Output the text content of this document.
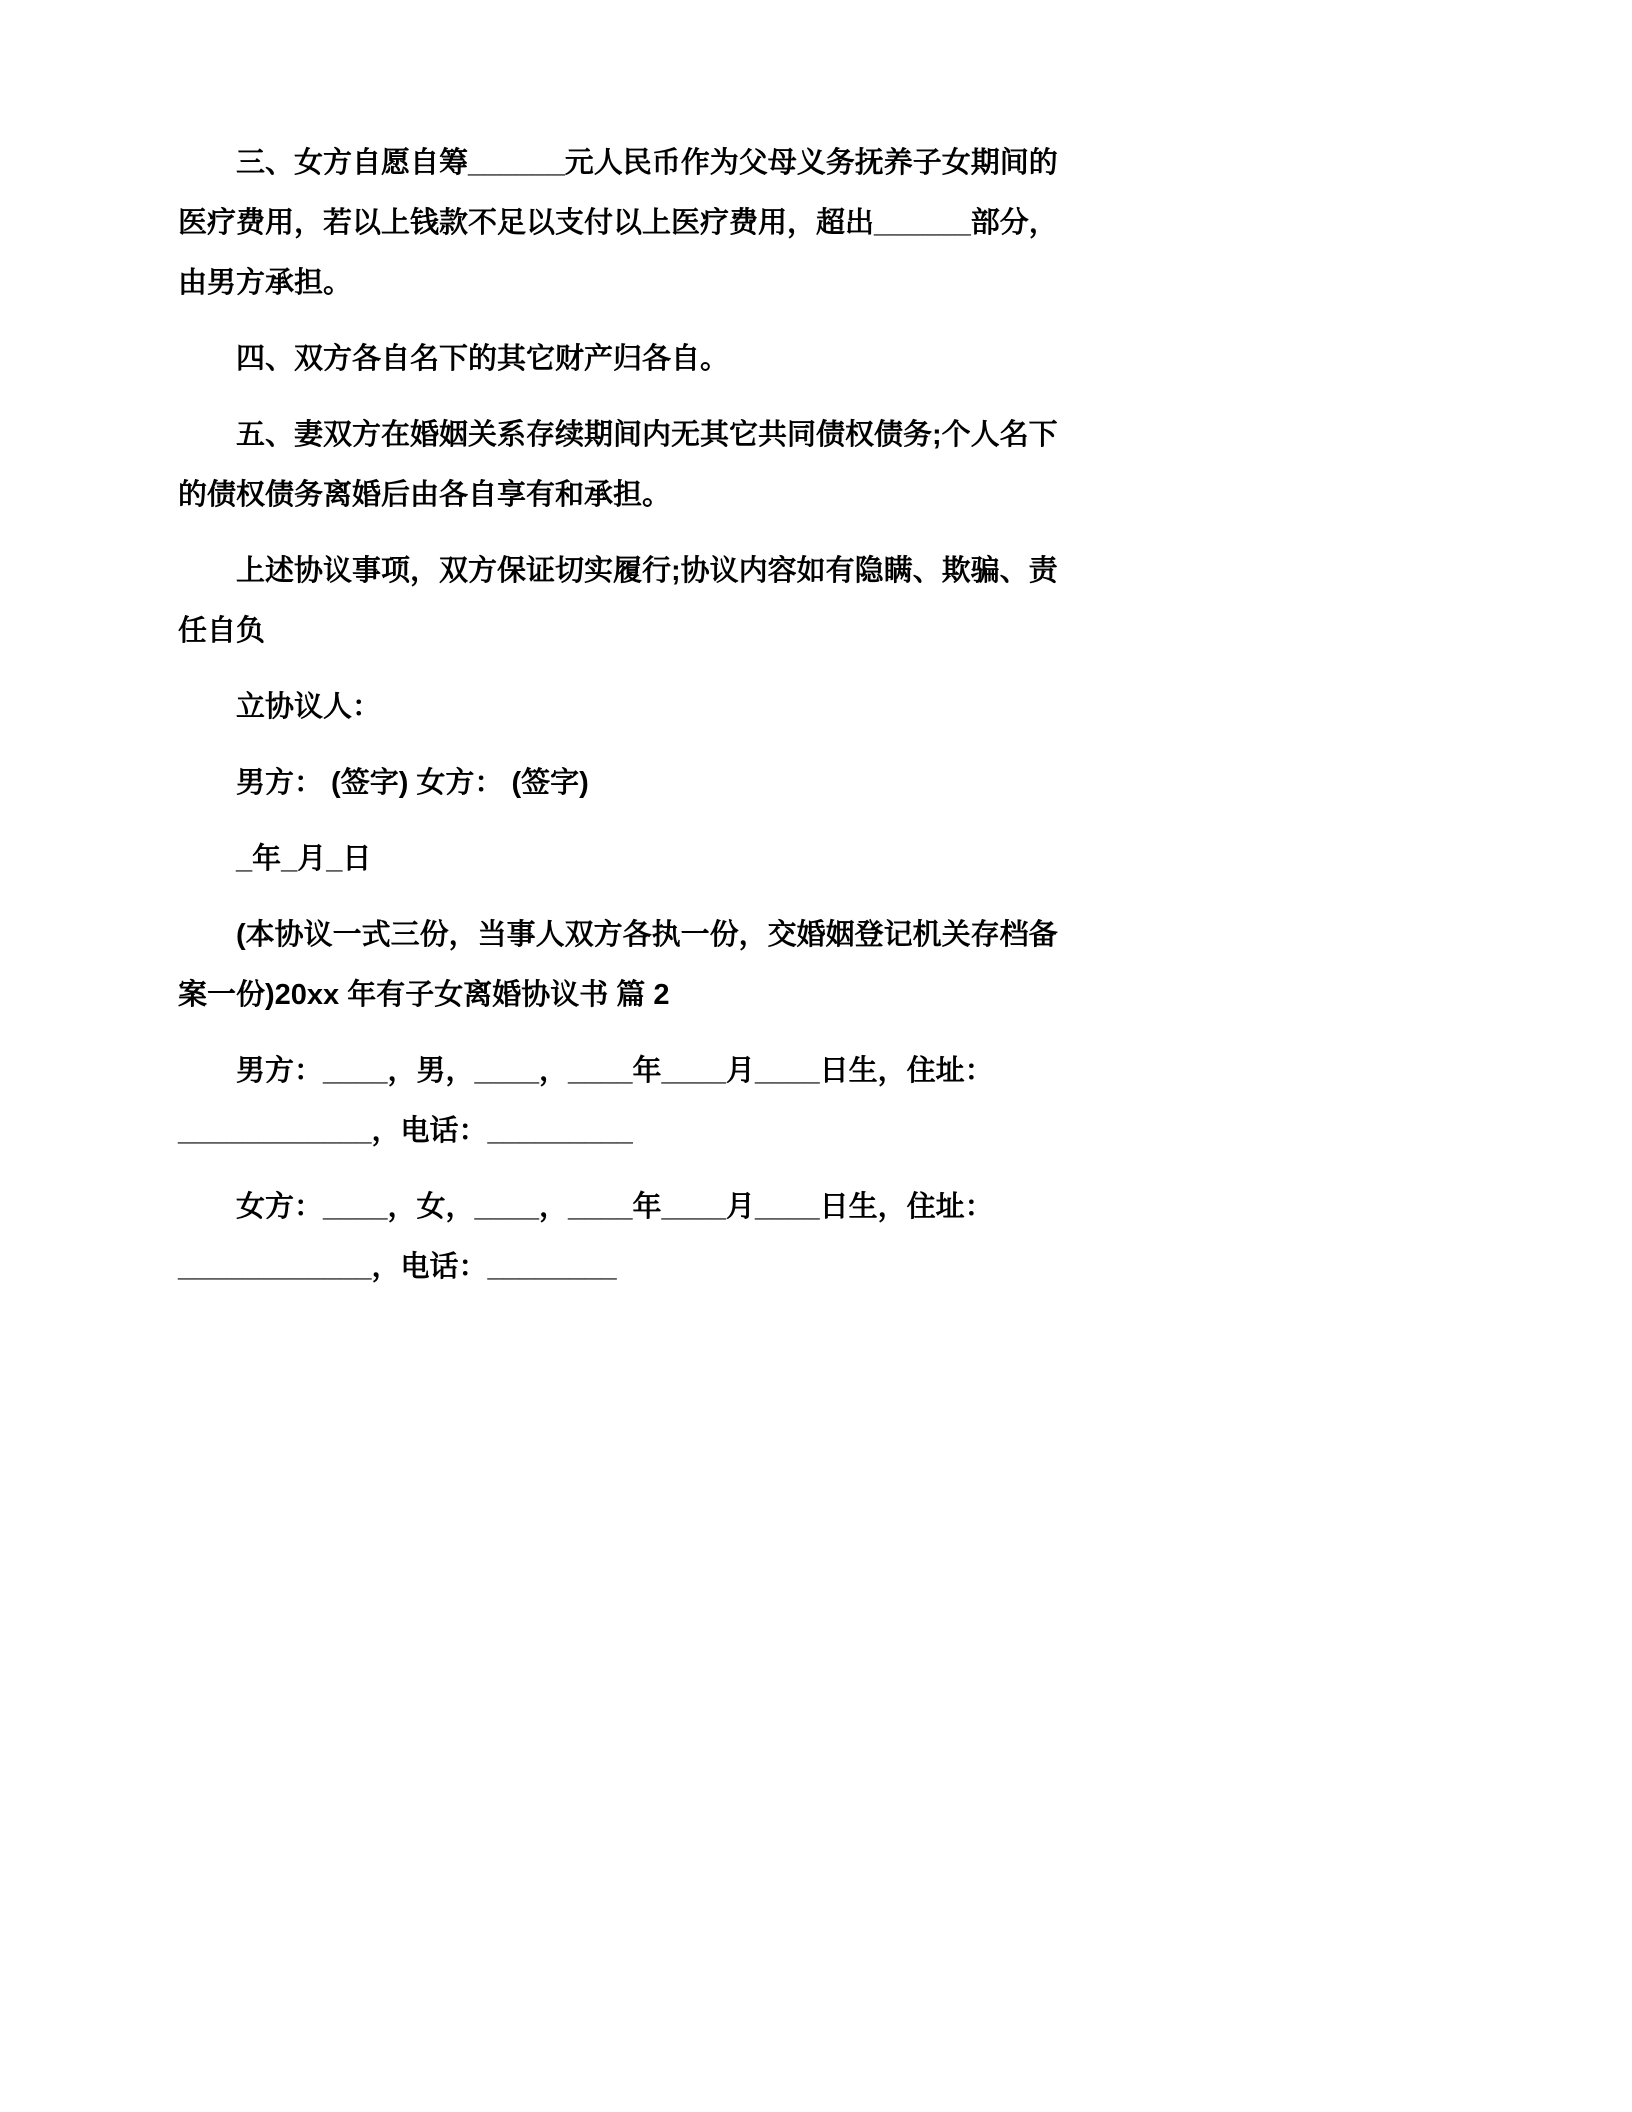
三、女方自愿自筹______元人民币作为父母义务抚养子女期间的医疗费用，若以上钱款不足以支付以上医疗费用，超出______部分，由男方承担。

四、双方各自名下的其它财产归各自。

五、妻双方在婚姻关系存续期间内无其它共同债权债务;个人名下的债权债务离婚后由各自享有和承担。

上述协议事项，双方保证切实履行;协议内容如有隐瞒、欺骗、责任自负

立协议人：

男方： (签字) 女方： (签字)

_年_月_日

(本协议一式三份，当事人双方各执一份，交婚姻登记机关存档备案一份)20xx 年有子女离婚协议书 篇 2

男方：____，男，____，____年____月____日生，住址：____________，电话：_________

女方：____，女，____，____年____月____日生，住址：____________，电话：________
